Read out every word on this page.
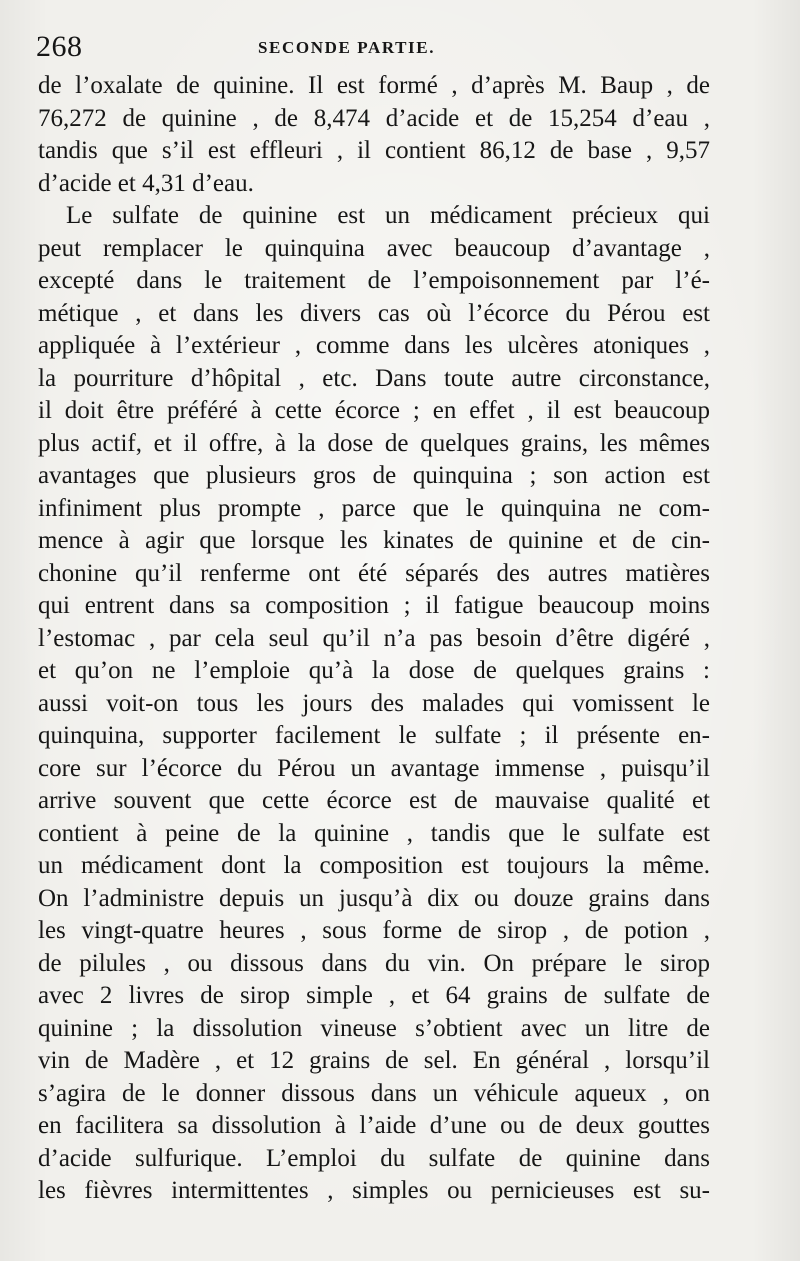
268	SECONDE PARTIE.
de l’oxalate de quinine. Il est formé , d’après M. Baup , de
76,272 de quinine , de 8,474 d’acide et de 15,254 d’eau ,
tandis que s’il est effleuri , il contient 86,12 de base , 9,57
d’acide et 4,31 d’eau.
Le sulfate de quinine est un médicament précieux qui
peut remplacer le quinquina avec beaucoup d’avantage ,
excepté dans le traitement de l’empoisonnement par l’é-
métique , et dans les divers cas où l’écorce du Pérou est
appliquée à l’extérieur , comme dans les ulcères atoniques ,
la pourriture d’hôpital , etc. Dans toute autre circonstance,
il doit être préféré à cette écorce ; en effet , il est beaucoup
plus actif, et il offre, à la dose de quelques grains, les mêmes
avantages que plusieurs gros de quinquina ; son action est
infiniment plus prompte , parce que le quinquina ne com-
mence à agir que lorsque les kinates de quinine et de cin-
chonine qu’il renferme ont été séparés des autres matières
qui entrent dans sa composition ; il fatigue beaucoup moins
l’estomac , par cela seul qu’il n’a pas besoin d’être digéré ,
et qu’on ne l’emploie qu’à la dose de quelques grains :
aussi voit-on tous les jours des malades qui vomissent le
quinquina, supporter facilement le sulfate ; il présente en-
core sur l’écorce du Pérou un avantage immense , puisqu’il
arrive souvent que cette écorce est de mauvaise qualité et
contient à peine de la quinine , tandis que le sulfate est
un médicament dont la composition est toujours la même.
On l’administre depuis un jusqu’à dix ou douze grains dans
les vingt-quatre heures , sous forme de sirop , de potion ,
de pilules , ou dissous dans du vin. On prépare le sirop
avec 2 livres de sirop simple , et 64 grains de sulfate de
quinine ; la dissolution vineuse s’obtient avec un litre de
vin de Madère , et 12 grains de sel. En général , lorsqu’il
s’agira de le donner dissous dans un véhicule aqueux , on
en facilitera sa dissolution à l’aide d’une ou de deux gouttes
d’acide sulfurique. L’emploi du sulfate de quinine dans
les fièvres intermittentes , simples ou pernicieuses est su-
